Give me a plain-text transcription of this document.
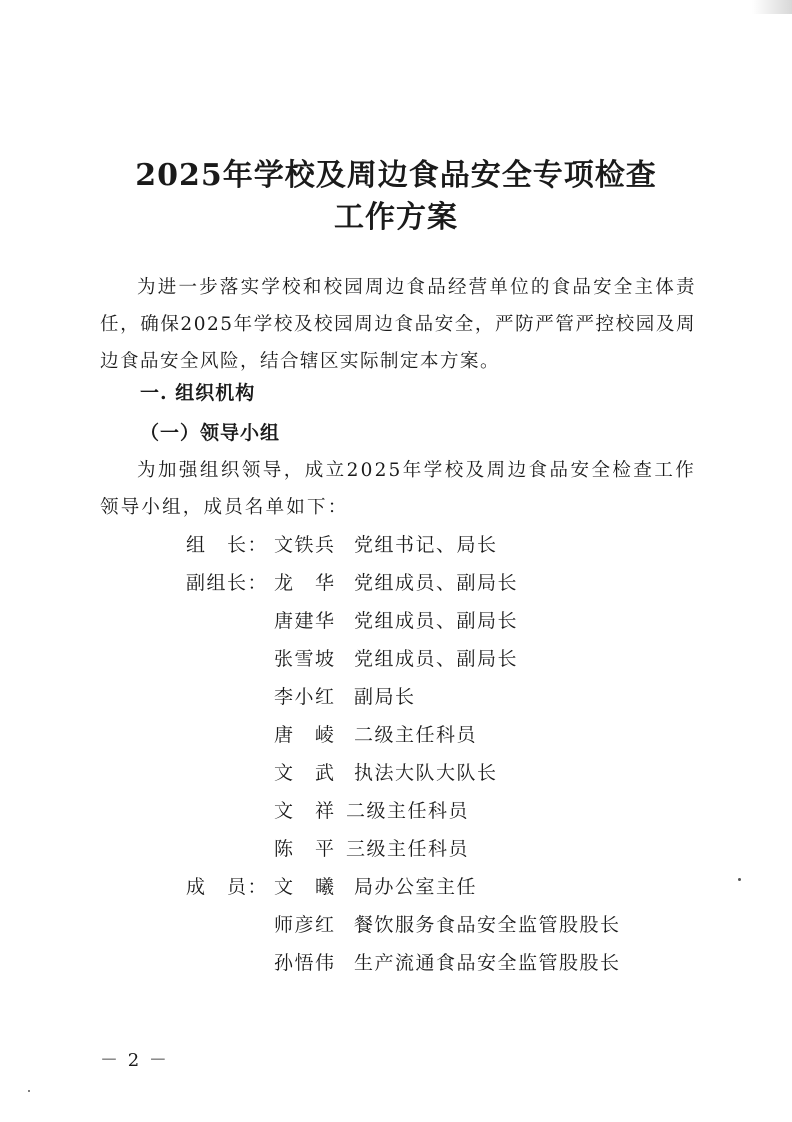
2025年学校及周边食品安全专项检查
工作方案

为进一步落实学校和校园周边食品经营单位的食品安全主体责任，确保2025年学校及校园周边食品安全，严防严管严控校园及周边食品安全风险，结合辖区实际制定本方案。

一. 组织机构

（一）领导小组

为加强组织领导，成立2025年学校及周边食品安全检查工作领导小组，成员名单如下：

组　长： 文铁兵 党组书记、局长
副组长： 龙　华 党组成员、副局长
唐建华 党组成员、副局长
张雪坡 党组成员、副局长
李小红 副局长
唐　崚 二级主任科员
文　武 执法大队大队长
文　祥 二级主任科员
陈　平 三级主任科员
成　员： 文　曦 局办公室主任
师彦红 餐饮服务食品安全监管股股长
孙悟伟 生产流通食品安全监管股股长
－ 2 －
